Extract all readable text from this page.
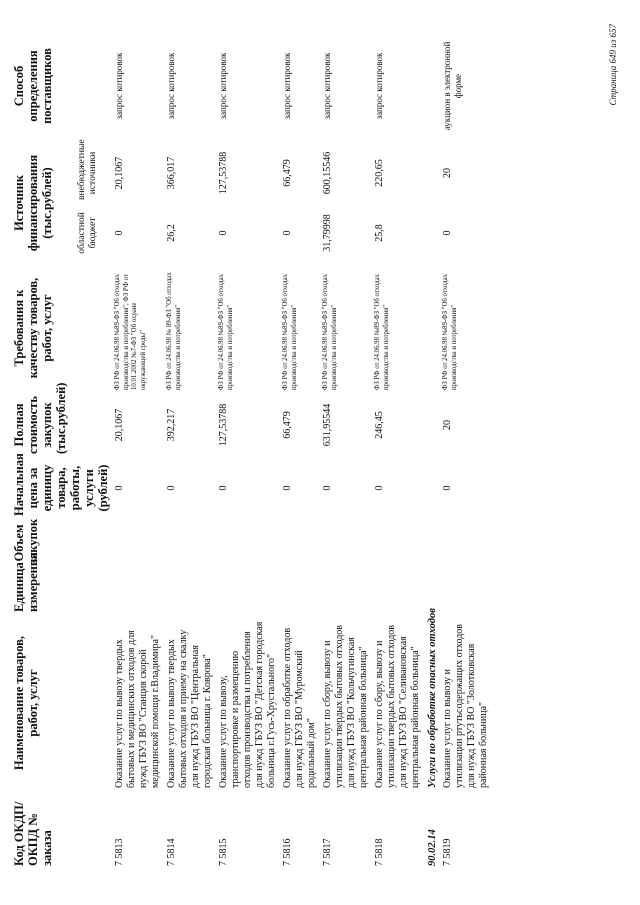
Код ОКДП/ ОКПД № заказа	Наименование товаров, работ, услуг	Единица измерения	Объем закупок	Начальная цена за единицу товара, работы, услуги (рублей)	Полная стоимость закупок (тыс.рублей)	Требования к качеству товаров, работ, услуг	Источник финансирования (тыс.рублей)		Способ определения поставщиков
							областной бюджет	внебюджетные источники	
7 5813	Оказание услуг по вывозу твердых бытовых и медицинских отходов для нужд ГБУЗ ВО "Станция скорой медицинской помощи г.Владимира"			0	20,1067	ФЗ РФ от 24.06.98 №89-ФЗ "Об отходах производства и потребления", ФЗ РФ от 10.01.2002 №7-ФЗ "Об охране окружающей среды"	0	20,1067	запрос котировок
7 5814	Оказание услуг по вывозу твердых бытовых отходов и приему на свалку для нужд ГБУЗ ВО "Центральная городская больница г. Коврова"			0	392,217	ФЗ РФ от 24.06.98 № 89-ФЗ "Об отходах производства и потребления"	26,2	366,017	запрос котировок
7 5815	Оказание услуг по вывозу, транспортировке и размещению отходов производства и потребления для нужд ГБУЗ ВО "Детская городская больница г.Гусь-Хрустального"			0	127,53788	ФЗ РФ от 24.06.98 №89-ФЗ "Об отходах производства и потребления"	0	127,53788	запрос котировок
7 5816	Оказание услуг по обработке отходов для нужд ГБУЗ ВО "Муромский родильный дом"			0	66,479	ФЗ РФ от 24.06.98 №89-ФЗ "Об отходах производства и потребления"	0	66,479	запрос котировок
7 5817	Оказание услуг по сбору, вывозу и утилизации твердых бытовых отходов для нужд ГБУЗ ВО "Кольчугинская центральная районная больница"			0	631,95544	ФЗ РФ от 24.06.98 №89-ФЗ "Об отходах производства и потребления"	31,79998	600,15546	запрос котировок
7 5818	Оказание услуг по сбору, вывозу и утилизации твердых бытовых отходов для нужд ГБУЗ ВО "Селивановская центральная районная больница"			0	246,45	ФЗ РФ от 24.06.98 №89-ФЗ "Об отходах производства и потребления"	25,8	220,65	запрос котировок
90.02.14	Услуги по обработке опасных отходов								
7 5819	Оказание услуг по вывозу и утилизации ртутьсодержащих отходов для нужд ГБУЗ ВО "Золотковская районная больница"			0	20	ФЗ РФ от 24.06.98 №89-ФЗ "Об отходах производства и потребления"	0	20	аукцион в электронной форме	Страница 649 из 657
